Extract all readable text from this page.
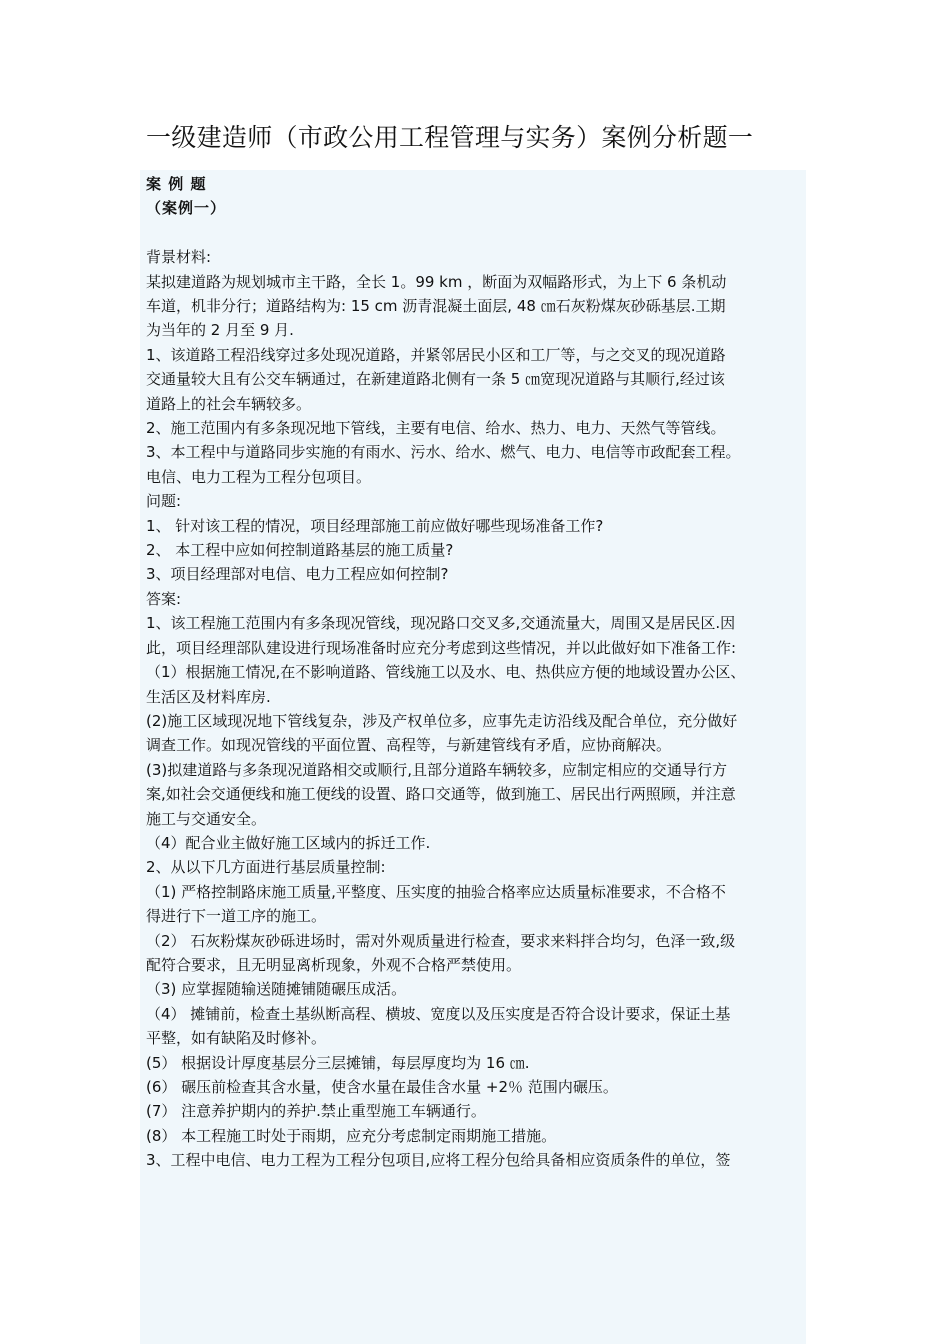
一级建造师（市政公用工程管理与实务）案例分析题一

案 例 题

（案例一）

背景材料:

某拟建道路为规划城市主干路，全长 1。99 km ，断面为双幅路形式，为上下 6 条机动

车道，机非分行；道路结构为: 15 cm 沥青混凝土面层, 48 ㎝石灰粉煤灰砂砾基层.工期

为当年的 2 月至 9 月.

1、该道路工程沿线穿过多处现况道路，并紧邻居民小区和工厂等，与之交叉的现况道路

交通量较大且有公交车辆通过，在新建道路北侧有一条 5 ㎝宽现况道路与其顺行,经过该

道路上的社会车辆较多。

2、施工范围内有多条现况地下管线，主要有电信、给水、热力、电力、天然气等管线。

3、本工程中与道路同步实施的有雨水、污水、给水、燃气、电力、电信等市政配套工程。

电信、电力工程为工程分包项目。

问题:

1、 针对该工程的情况，项目经理部施工前应做好哪些现场准备工作?

2、 本工程中应如何控制道路基层的施工质量?

3、项目经理部对电信、电力工程应如何控制?

答案:

1、该工程施工范围内有多条现况管线，现况路口交叉多,交通流量大，周围又是居民区.因

此，项目经理部队建设进行现场准备时应充分考虑到这些情况，并以此做好如下准备工作:

（1）根据施工情况,在不影响道路、管线施工以及水、电、热供应方便的地域设置办公区、

生活区及材料库房.

(2)施工区域现况地下管线复杂，涉及产权单位多，应事先走访沿线及配合单位，充分做好

调查工作。如现况管线的平面位置、高程等，与新建管线有矛盾，应协商解决。

(3)拟建道路与多条现况道路相交或顺行,且部分道路车辆较多，应制定相应的交通导行方

案,如社会交通便线和施工便线的设置、路口交通等，做到施工、居民出行两照顾，并注意

施工与交通安全。

（4）配合业主做好施工区域内的拆迁工作.

2、从以下几方面进行基层质量控制:

（1) 严格控制路床施工质量,平整度、压实度的抽验合格率应达质量标准要求，不合格不

得进行下一道工序的施工。

（2） 石灰粉煤灰砂砾进场时，需对外观质量进行检查，要求来料拌合均匀，色泽一致,级

配符合要求，且无明显离析现象，外观不合格严禁使用。

（3) 应掌握随输送随摊铺随碾压成活。

（4） 摊铺前，检查土基纵断高程、横坡、宽度以及压实度是否符合设计要求，保证土基

平整，如有缺陷及时修补。

(5） 根据设计厚度基层分三层摊铺，每层厚度均为 16 ㎝.

(6） 碾压前检查其含水量，使含水量在最佳含水量 +2％ 范围内碾压。

(7） 注意养护期内的养护.禁止重型施工车辆通行。

(8） 本工程施工时处于雨期，应充分考虑制定雨期施工措施。

3、工程中电信、电力工程为工程分包项目,应将工程分包给具备相应资质条件的单位，签
